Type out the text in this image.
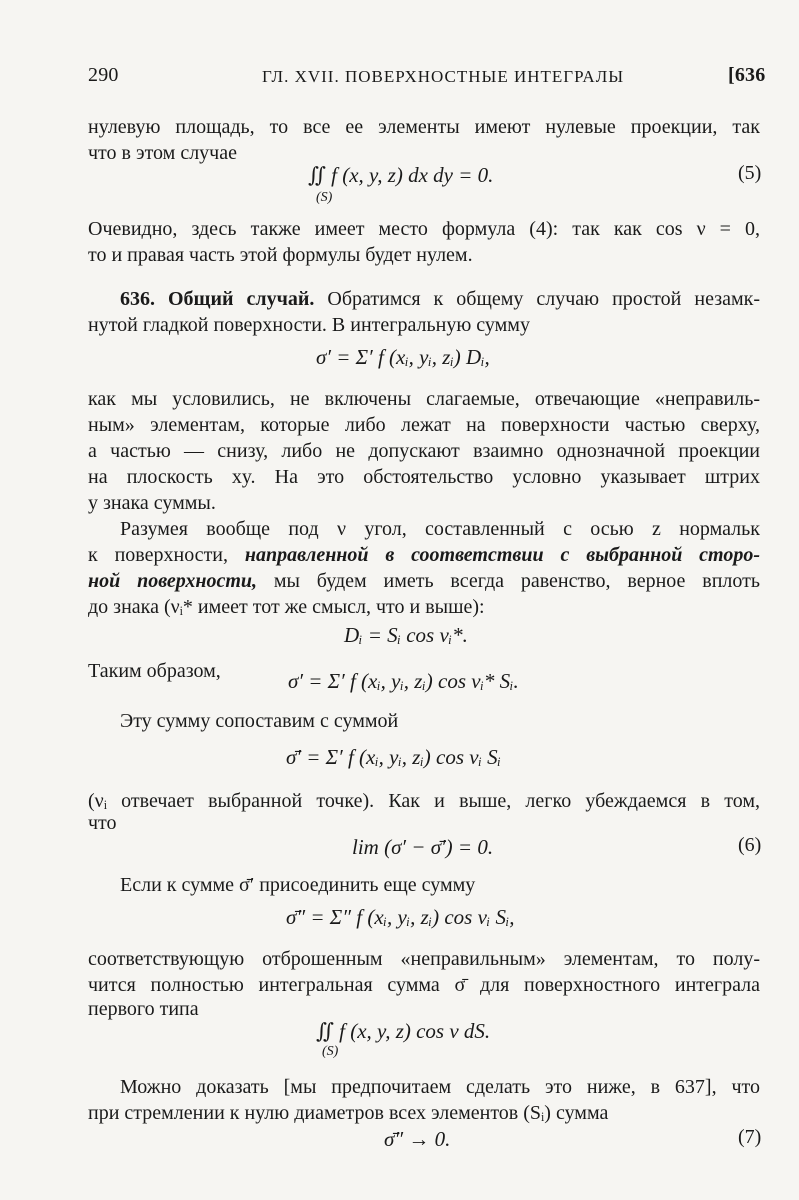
290	ГЛ. XVII. ПОВЕРХНОСТНЫЕ ИНТЕГРАЛЫ	[636
нулевую площадь, то все ее элементы имеют нулевые проекции, так
что в этом случае
∬ f (x, y, z) dx dy = 0.
(S)
(5)
Очевидно, здесь также имеет место формула (4): так как cos ν = 0,
то и правая часть этой формулы будет нулем.
636. Общий случай. Обратимся к общему случаю простой незамк-
нутой гладкой поверхности. В интегральную сумму
σ′ = Σ′ f (xᵢ, yᵢ, zᵢ) Dᵢ,
как мы условились, не включены слагаемые, отвечающие «неправиль-
ным» элементам, которые либо лежат на поверхности частью сверху,
а частью — снизу, либо не допускают взаимно однозначной проекции
на плоскость xy. На это обстоятельство условно указывает штрих
у знака суммы.
Разумея вообще под ν угол, составленный с осью z нормальк
к поверхности, направленной в соответствии с выбранной сторо-
ной поверхности, мы будем иметь всегда равенство, верное вплоть
до знака (νᵢ* имеет тот же смысл, что и выше):
Dᵢ = Sᵢ cos νᵢ*.
Таким образом,	σ′ = Σ′ f (xᵢ, yᵢ, zᵢ) cos νᵢ* Sᵢ.
Эту сумму сопоставим с суммой
σ̄′ = Σ′ f (xᵢ, yᵢ, zᵢ) cos νᵢ Sᵢ
(νᵢ отвечает выбранной точке). Как и выше, легко убеждаемся в том,
что
lim (σ′ − σ̄′) = 0.	(6)
Если к сумме σ̄′ присоединить еще сумму
σ̄″ = Σ″ f (xᵢ, yᵢ, zᵢ) cos νᵢ Sᵢ,
соответствующую отброшенным «неправильным» элементам, то полу-
чится полностью интегральная сумма σ̄ для поверхностного интеграла
первого типа
∬ f (x, y, z) cos ν dS.
(S)
Можно доказать [мы предпочитаем сделать это ниже, в 637], что
при стремлении к нулю диаметров всех элементов (Sᵢ) сумма
σ̄″ → 0.	(7)
